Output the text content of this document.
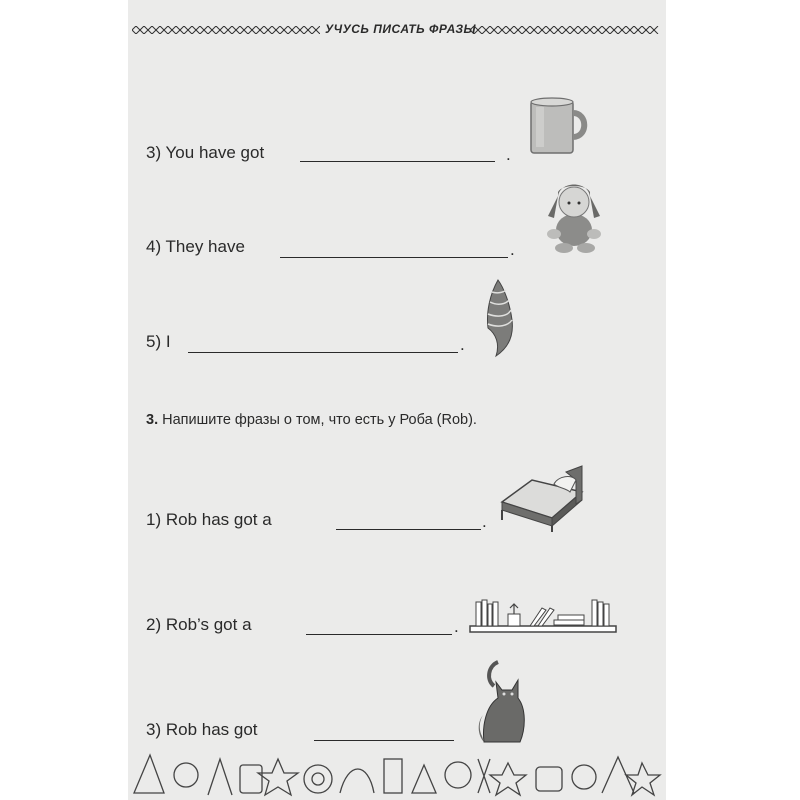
УЧУСЬ ПИСАТЬ ФРАЗЫ
3) You have got	.
4) They have	.
5) I	.
3. Напишите фразы о том, что есть у Роба (Rob).
1) Rob has got a	.
2) Rob’s got a	.
3) Rob has got
